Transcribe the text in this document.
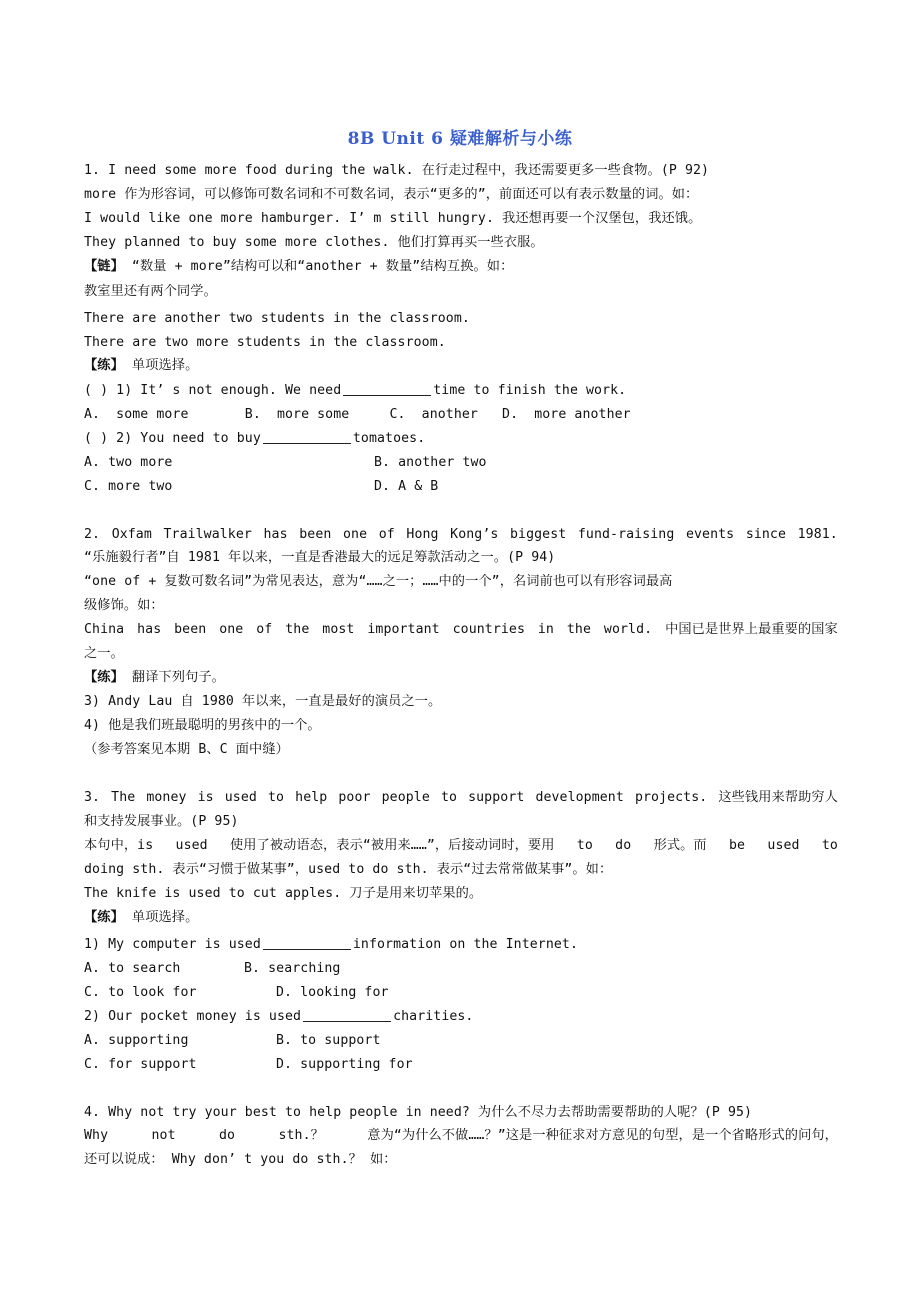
8B Unit 6 疑难解析与小练
1. I need some more food during the walk. 在行走过程中，我还需要更多一些食物。(P 92)
more 作为形容词，可以修饰可数名词和不可数名词，表示“更多的”，前面还可以有表示数量的词。如：
I would like one more hamburger. I’ m still hungry. 我还想再要一个汉堡包，我还饿。
They planned to buy some more clothes. 他们打算再买一些衣服。
【链】 “数量 + more”结构可以和“another + 数量”结构互换。如：
教室里还有两个同学。
There are another two students in the classroom.
There are two more students in the classroom.
【练】 单项选择。
( ) 1) It’ s not enough. We need	time to finish the work.
A.  some more       B.  more some     C.  another   D.  more another
( ) 2) You need to buy	tomatoes.
A. two more	B. another two
C. more two	D. A & B
2. Oxfam Trailwalker has been one of Hong Kong’s biggest fund-raising events since 1981.
“乐施毅行者”自 1981 年以来，一直是香港最大的远足筹款活动之一。(P 94)
“one of + 复数可数名词”为常见表达，意为“……之一；……中的一个”，名词前也可以有形容词最高
级修饰。如：
China has been one of the most important countries in the world. 中国已是世界上最重要的国家
之一。
【练】 翻译下列句子。
3) Andy Lau 自 1980 年以来，一直是最好的演员之一。
4) 他是我们班最聪明的男孩中的一个。
（参考答案见本期 B、C 面中缝）
3. The money is used to help poor people to support development projects. 这些钱用来帮助穷人
和支持发展事业。(P 95)
本句中，is used 使用了被动语态，表示“被用来……”，后接动词时，要用 to do 形式。而 be used to
doing sth. 表示“习惯于做某事”，used to do sth. 表示“过去常常做某事”。如：
The knife is used to cut apples. 刀子是用来切苹果的。
【练】 单项选择。
1) My computer is used	information on the Internet.
A. to search	B. searching
C. to look for	D. looking for
2) Our pocket money is used	charities.
A. supporting	B. to support
C. for support	D. supporting for
4. Why not try your best to help people in need? 为什么不尽力去帮助需要帮助的人呢？(P 95)
Why	not	do	sth.？	意为“为什么不做……？”这是一种征求对方意见的句型，是一个省略形式的问句，
还可以说成： Why don’ t you do sth.？ 如：
